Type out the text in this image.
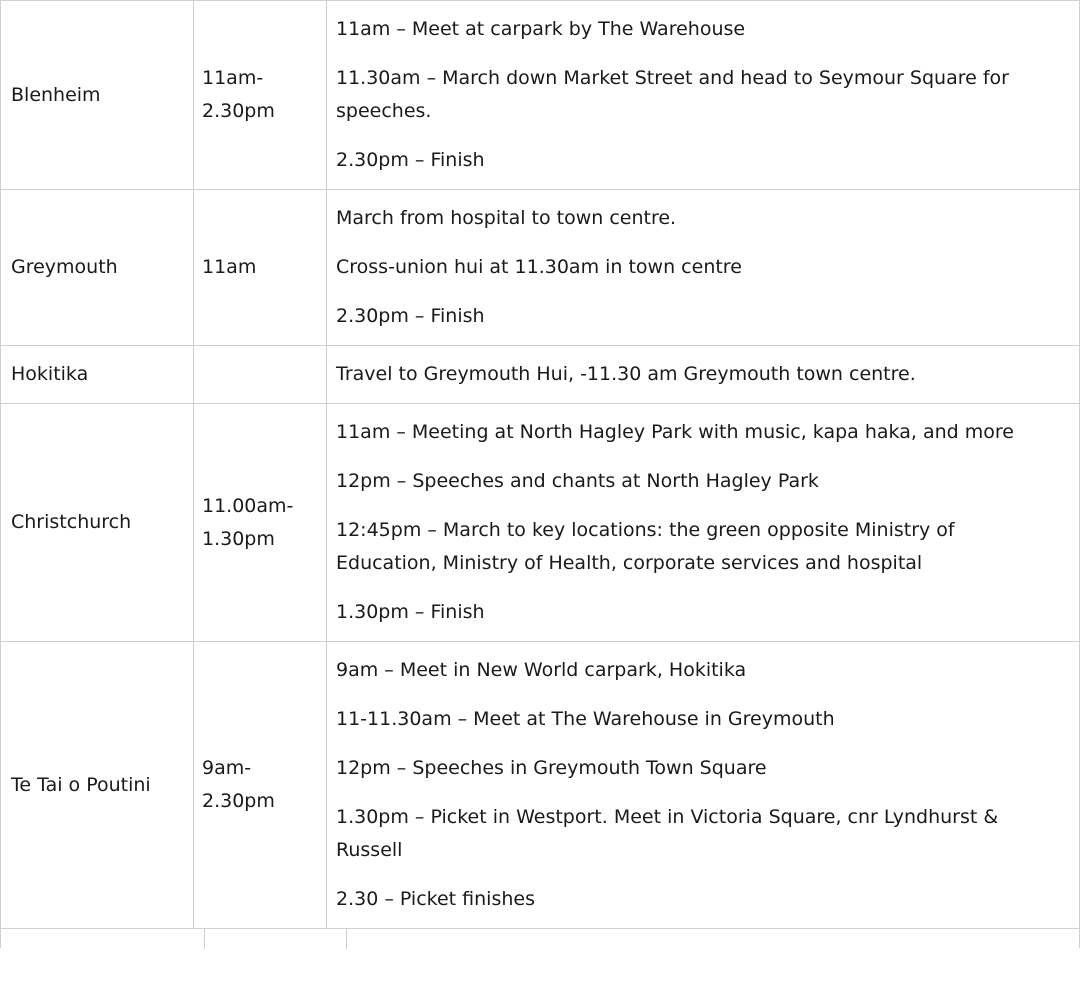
Blenheim
11am-
2.30pm

11am – Meet at carpark by The Warehouse

11.30am – March down Market Street and head to Seymour Square for speeches.

2.30pm – Finish

Greymouth	11am

March from hospital to town centre.

Cross-union hui at 11.30am in town centre

2.30pm – Finish

Hokitika	Travel to Greymouth Hui, -11.30 am Greymouth town centre.

Christchurch
11.00am-
1.30pm

11am – Meeting at North Hagley Park with music, kapa haka, and more

12pm – Speeches and chants at North Hagley Park

12:45pm – March to key locations: the green opposite Ministry of Education, Ministry of Health, corporate services and hospital

1.30pm – Finish

Te Tai o Poutini
9am-
2.30pm

9am – Meet in New World carpark, Hokitika

11-11.30am – Meet at The Warehouse in Greymouth

12pm – Speeches in Greymouth Town Square

1.30pm – Picket in Westport. Meet in Victoria Square, cnr Lyndhurst & Russell

2.30 – Picket finishes
